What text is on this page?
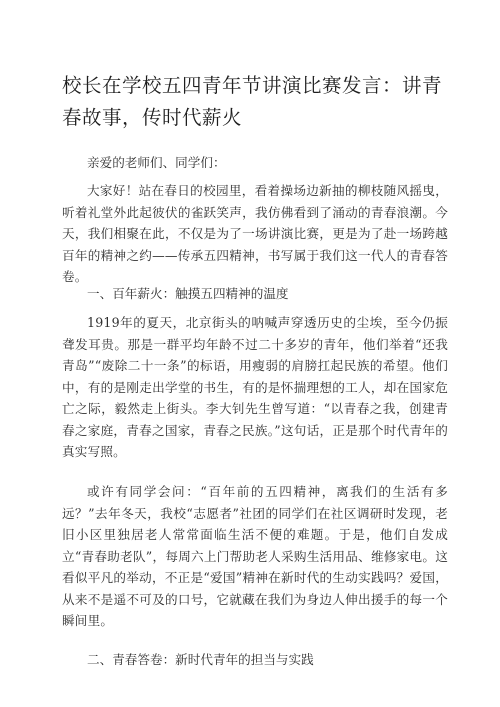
校长在学校五四青年节讲演比赛发言：讲青春故事，传时代薪火

亲爱的老师们、同学们：

大家好！站在春日的校园里，看着操场边新抽的柳枝随风摇曳，听着礼堂外此起彼伏的雀跃笑声，我仿佛看到了涌动的青春浪潮。今天，我们相聚在此，不仅是为了一场讲演比赛，更是为了赴一场跨越百年的精神之约——传承五四精神，书写属于我们这一代人的青春答卷。

一、百年薪火：触摸五四精神的温度

1919年的夏天，北京街头的呐喊声穿透历史的尘埃，至今仍振聋发耳贵。那是一群平均年龄不过二十多岁的青年，他们举着“还我青岛”“废除二十一条”的标语，用瘦弱的肩膀扛起民族的希望。他们中，有的是刚走出学堂的书生，有的是怀揣理想的工人，却在国家危亡之际，毅然走上街头。李大钊先生曾写道：“以青春之我，创建青春之家庭，青春之国家，青春之民族。”这句话，正是那个时代青年的真实写照。

或许有同学会问：“百年前的五四精神，离我们的生活有多远？”去年冬天，我校“志愿者”社团的同学们在社区调研时发现，老旧小区里独居老人常常面临生活不便的难题。于是，他们自发成立“青春助老队”，每周六上门帮助老人采购生活用品、维修家电。这看似平凡的举动，不正是“爱国”精神在新时代的生动实践吗？爱国，从来不是遥不可及的口号，它就藏在我们为身边人伸出援手的每一个瞬间里。

二、青春答卷：新时代青年的担当与实践
